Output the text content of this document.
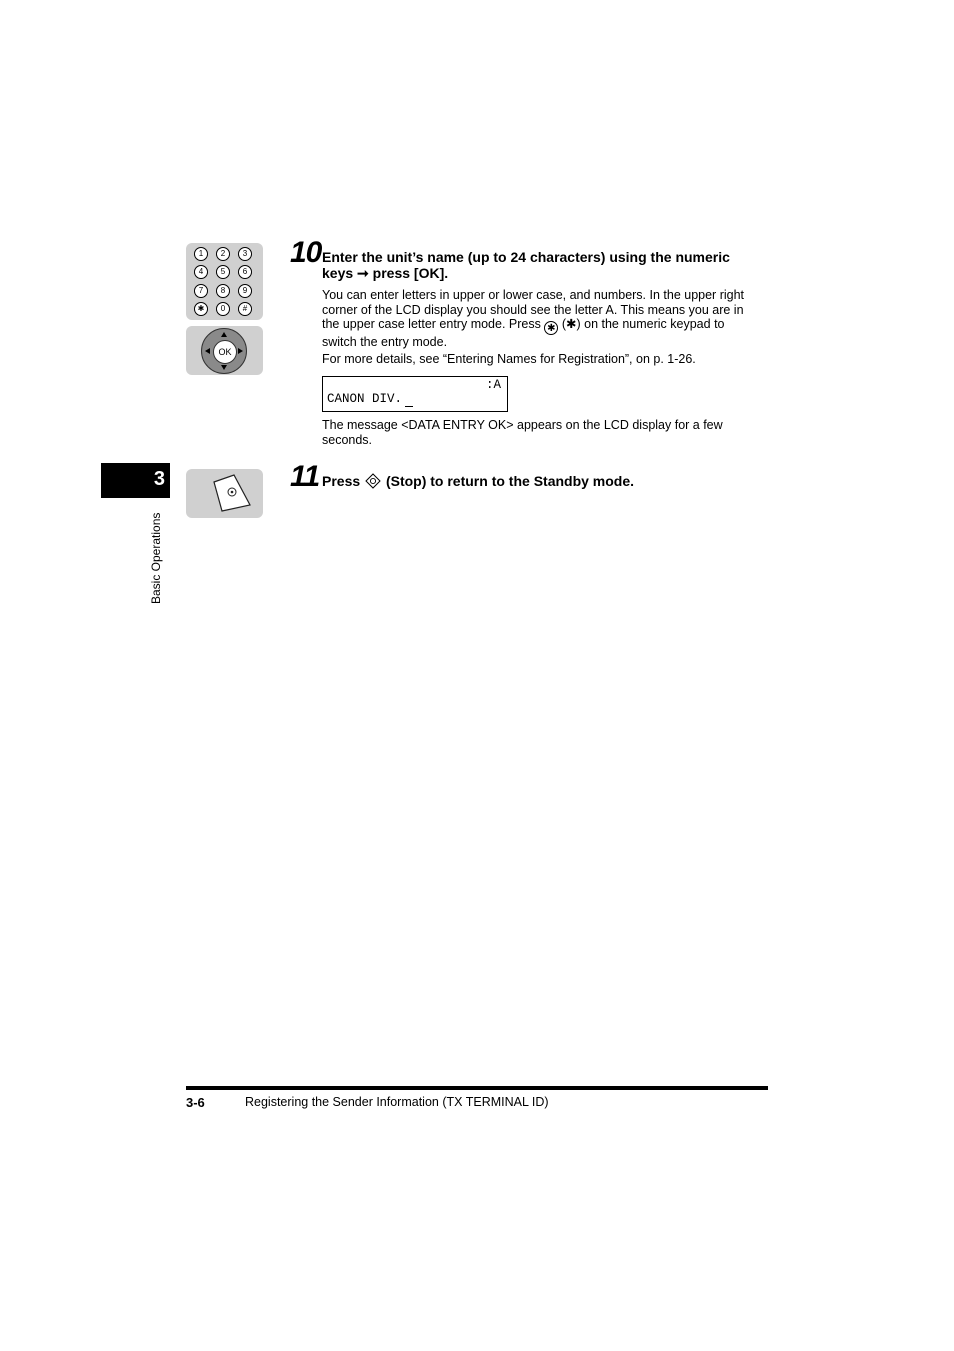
3
Basic Operations
1	2	3
4	5	6
7	8	9
✱	0	#
OK
10 Enter the unit’s name (up to 24 characters) using the numeric
keys ➞ press [OK].
You can enter letters in upper or lower case, and numbers. In the upper right
corner of the LCD display you should see the letter A. This means you are in
the upper case letter entry mode. Press ✱ (✱) on the numeric keypad to
switch the entry mode.
For more details, see “Entering Names for Registration”, on p. 1-26.
:A
CANON DIV.
The message <DATA ENTRY OK> appears on the LCD display for a few
seconds.
11 Press (Stop) to return to the Standby mode.
3-6	Registering the Sender Information (TX TERMINAL ID)
